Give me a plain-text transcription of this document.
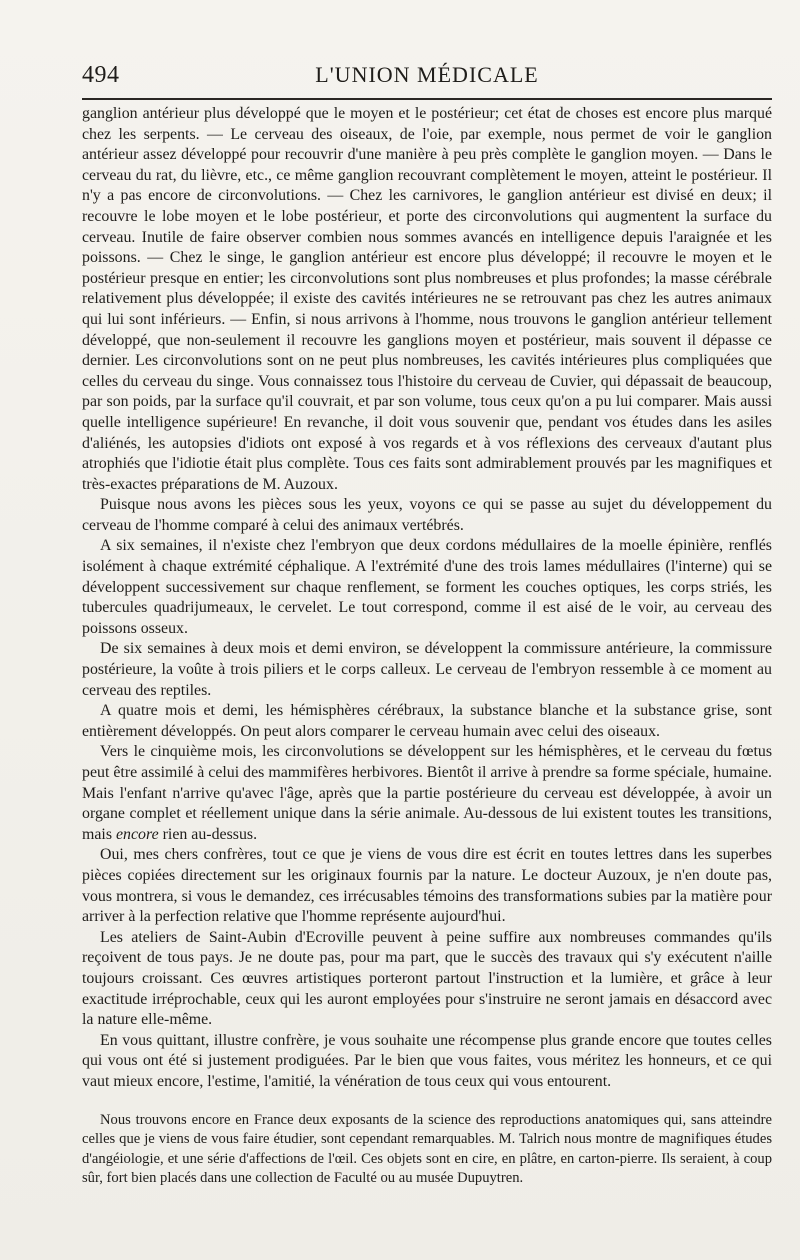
494	L'UNION MÉDICALE

ganglion antérieur plus développé que le moyen et le postérieur; cet état de choses est encore plus marqué chez les serpents. — Le cerveau des oiseaux, de l'oie, par exemple, nous permet de voir le ganglion antérieur assez développé pour recouvrir d'une manière à peu près complète le ganglion moyen. — Dans le cerveau du rat, du lièvre, etc., ce même ganglion recouvrant complètement le moyen, atteint le postérieur. Il n'y a pas encore de circonvolutions. — Chez les carnivores, le ganglion antérieur est divisé en deux; il recouvre le lobe moyen et le lobe postérieur, et porte des circonvolutions qui augmentent la surface du cerveau. Inutile de faire observer combien nous sommes avancés en intelligence depuis l'araignée et les poissons. — Chez le singe, le ganglion antérieur est encore plus développé; il recouvre le moyen et le postérieur presque en entier; les circonvolutions sont plus nombreuses et plus profondes; la masse cérébrale relativement plus développée; il existe des cavités intérieures ne se retrouvant pas chez les autres animaux qui lui sont inférieurs. — Enfin, si nous arrivons à l'homme, nous trouvons le ganglion antérieur tellement développé, que non-seulement il recouvre les ganglions moyen et postérieur, mais souvent il dépasse ce dernier. Les circonvolutions sont on ne peut plus nombreuses, les cavités intérieures plus compliquées que celles du cerveau du singe. Vous connaissez tous l'histoire du cerveau de Cuvier, qui dépassait de beaucoup, par son poids, par la surface qu'il couvrait, et par son volume, tous ceux qu'on a pu lui comparer. Mais aussi quelle intelligence supérieure! En revanche, il doit vous souvenir que, pendant vos études dans les asiles d'aliénés, les autopsies d'idiots ont exposé à vos regards et à vos réflexions des cerveaux d'autant plus atrophiés que l'idiotie était plus complète. Tous ces faits sont admirablement prouvés par les magnifiques et très-exactes préparations de M. Auzoux.

Puisque nous avons les pièces sous les yeux, voyons ce qui se passe au sujet du développement du cerveau de l'homme comparé à celui des animaux vertébrés.

A six semaines, il n'existe chez l'embryon que deux cordons médullaires de la moelle épinière, renflés isolément à chaque extrémité céphalique. A l'extrémité d'une des trois lames médullaires (l'interne) qui se développent successivement sur chaque renflement, se forment les couches optiques, les corps striés, les tubercules quadrijumeaux, le cervelet. Le tout correspond, comme il est aisé de le voir, au cerveau des poissons osseux.

De six semaines à deux mois et demi environ, se développent la commissure antérieure, la commissure postérieure, la voûte à trois piliers et le corps calleux. Le cerveau de l'embryon ressemble à ce moment au cerveau des reptiles.

A quatre mois et demi, les hémisphères cérébraux, la substance blanche et la substance grise, sont entièrement développés. On peut alors comparer le cerveau humain avec celui des oiseaux.

Vers le cinquième mois, les circonvolutions se développent sur les hémisphères, et le cerveau du fœtus peut être assimilé à celui des mammifères herbivores. Bientôt il arrive à prendre sa forme spéciale, humaine. Mais l'enfant n'arrive qu'avec l'âge, après que la partie postérieure du cerveau est développée, à avoir un organe complet et réellement unique dans la série animale. Au-dessous de lui existent toutes les transitions, mais encore rien au-dessus.

Oui, mes chers confrères, tout ce que je viens de vous dire est écrit en toutes lettres dans les superbes pièces copiées directement sur les originaux fournis par la nature. Le docteur Auzoux, je n'en doute pas, vous montrera, si vous le demandez, ces irrécusables témoins des transformations subies par la matière pour arriver à la perfection relative que l'homme représente aujourd'hui.

Les ateliers de Saint-Aubin d'Ecroville peuvent à peine suffire aux nombreuses commandes qu'ils reçoivent de tous pays. Je ne doute pas, pour ma part, que le succès des travaux qui s'y exécutent n'aille toujours croissant. Ces œuvres artistiques porteront partout l'instruction et la lumière, et grâce à leur exactitude irréprochable, ceux qui les auront employées pour s'instruire ne seront jamais en désaccord avec la nature elle-même.

En vous quittant, illustre confrère, je vous souhaite une récompense plus grande encore que toutes celles qui vous ont été si justement prodiguées. Par le bien que vous faites, vous méritez les honneurs, et ce qui vaut mieux encore, l'estime, l'amitié, la vénération de tous ceux qui vous entourent.

Nous trouvons encore en France deux exposants de la science des reproductions anatomiques qui, sans atteindre celles que je viens de vous faire étudier, sont cependant remarquables. M. Talrich nous montre de magnifiques études d'angéiologie, et une série d'affections de l'œil. Ces objets sont en cire, en plâtre, en carton-pierre. Ils seraient, à coup sûr, fort bien placés dans une collection de Faculté ou au musée Dupuytren.
